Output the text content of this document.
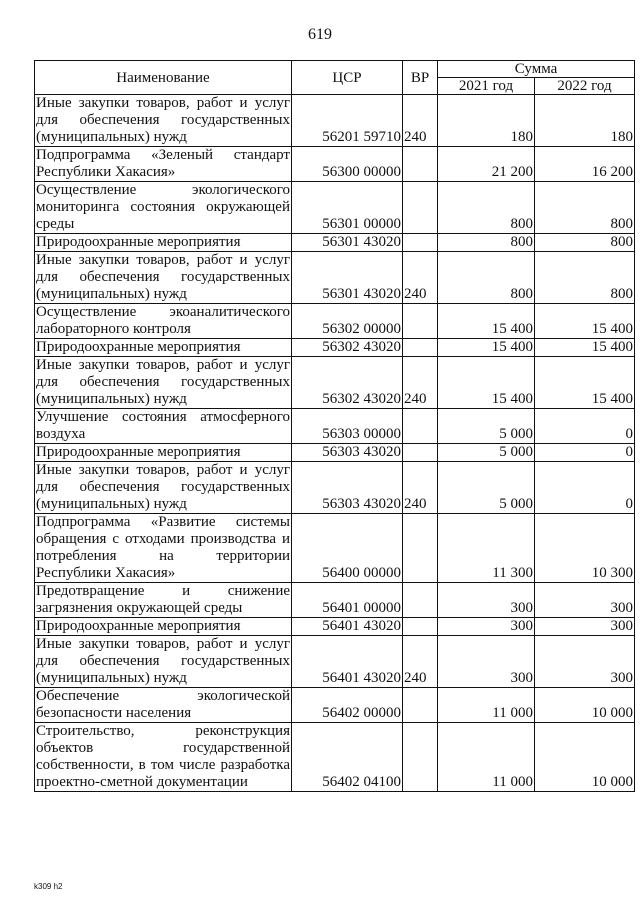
619
Наименование	ЦСР	ВР	Сумма	
			2021 год	2022 год
Иные закупки товаров, работ и услуг для обеспечения государственных (муниципальных) нужд	56201 59710	240	180	180
Подпрограмма «Зеленый стандарт Республики Хакасия»	56300 00000		21 200	16 200
Осуществление экологического мониторинга состояния окружающей среды	56301 00000		800	800
Природоохранные мероприятия	56301 43020		800	800
Иные закупки товаров, работ и услуг для обеспечения государственных (муниципальных) нужд	56301 43020	240	800	800
Осуществление экоаналитического лабораторного контроля	56302 00000		15 400	15 400
Природоохранные мероприятия	56302 43020		15 400	15 400
Иные закупки товаров, работ и услуг для обеспечения государственных (муниципальных) нужд	56302 43020	240	15 400	15 400
Улучшение состояния атмосферного воздуха	56303 00000		5 000	0
Природоохранные мероприятия	56303 43020		5 000	0
Иные закупки товаров, работ и услуг для обеспечения государственных (муниципальных) нужд	56303 43020	240	5 000	0
Подпрограмма «Развитие системы обращения с отходами производства и потребления на территории Республики Хакасия»	56400 00000		11 300	10 300
Предотвращение и снижение загрязнения окружающей среды	56401 00000		300	300
Природоохранные мероприятия	56401 43020		300	300
Иные закупки товаров, работ и услуг для обеспечения государственных (муниципальных) нужд	56401 43020	240	300	300
Обеспечение экологической безопасности населения	56402 00000		11 000	10 000
Строительство, реконструкция объектов государственной собственности, в том числе разработка проектно-сметной документации	56402 04100		11 000	10 000
k309 h2
